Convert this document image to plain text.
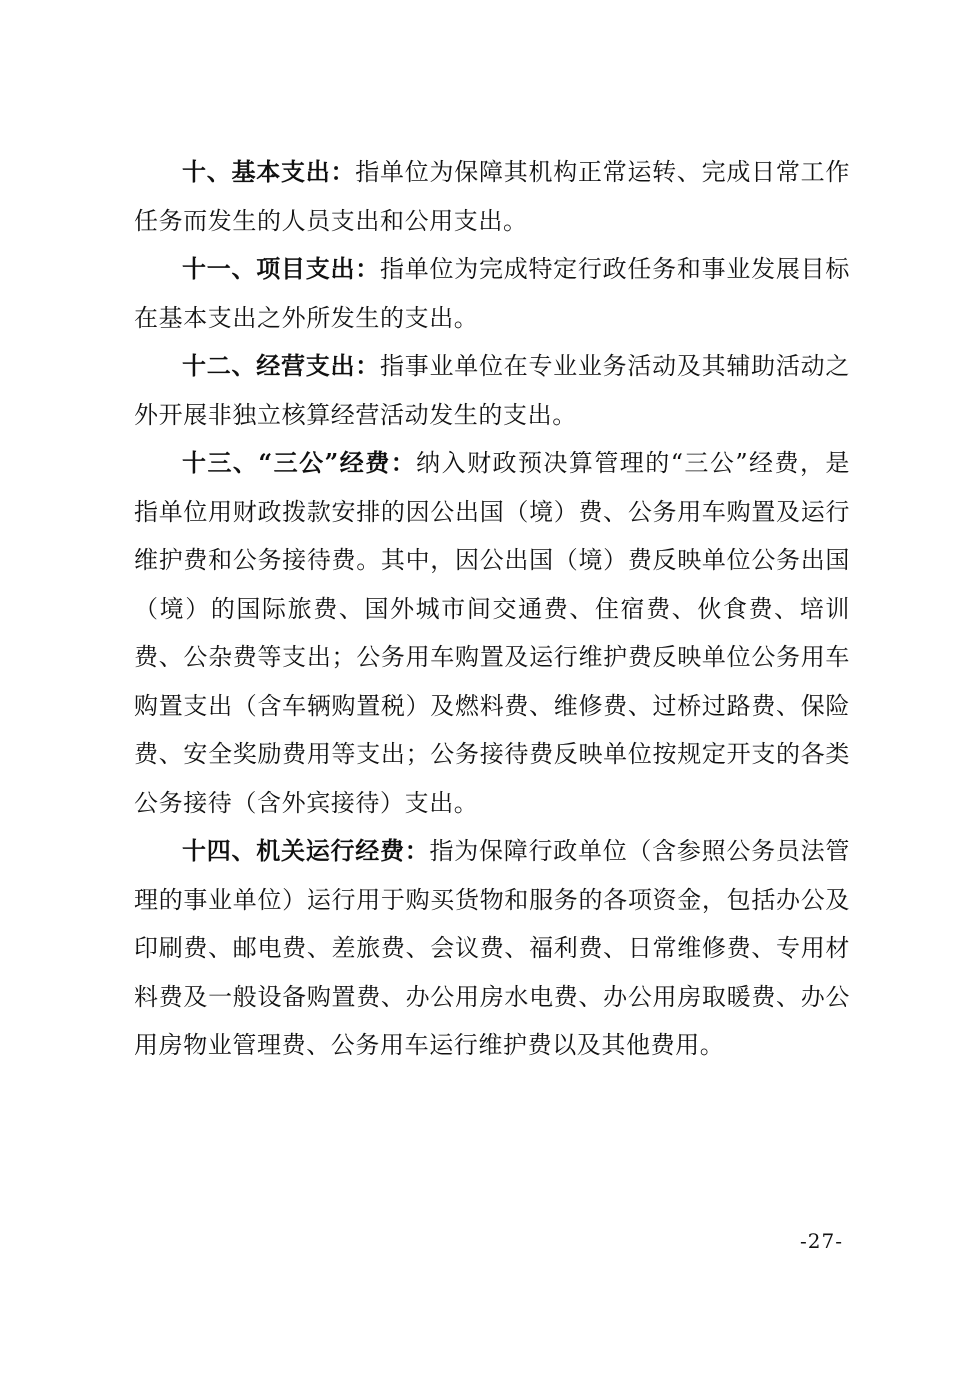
十、基本支出：指单位为保障其机构正常运转、完成日常工作任务而发生的人员支出和公用支出。

十一、项目支出：指单位为完成特定行政任务和事业发展目标在基本支出之外所发生的支出。

十二、经营支出：指事业单位在专业业务活动及其辅助活动之外开展非独立核算经营活动发生的支出。

十三、“三公”经费：纳入财政预决算管理的“三公”经费，是指单位用财政拨款安排的因公出国（境）费、公务用车购置及运行维护费和公务接待费。其中，因公出国（境）费反映单位公务出国（境）的国际旅费、国外城市间交通费、住宿费、伙食费、培训费、公杂费等支出；公务用车购置及运行维护费反映单位公务用车购置支出（含车辆购置税）及燃料费、维修费、过桥过路费、保险费、安全奖励费用等支出；公务接待费反映单位按规定开支的各类公务接待（含外宾接待）支出。

十四、机关运行经费：指为保障行政单位（含参照公务员法管理的事业单位）运行用于购买货物和服务的各项资金，包括办公及印刷费、邮电费、差旅费、会议费、福利费、日常维修费、专用材料费及一般设备购置费、办公用房水电费、办公用房取暖费、办公用房物业管理费、公务用车运行维护费以及其他费用。

-27-
